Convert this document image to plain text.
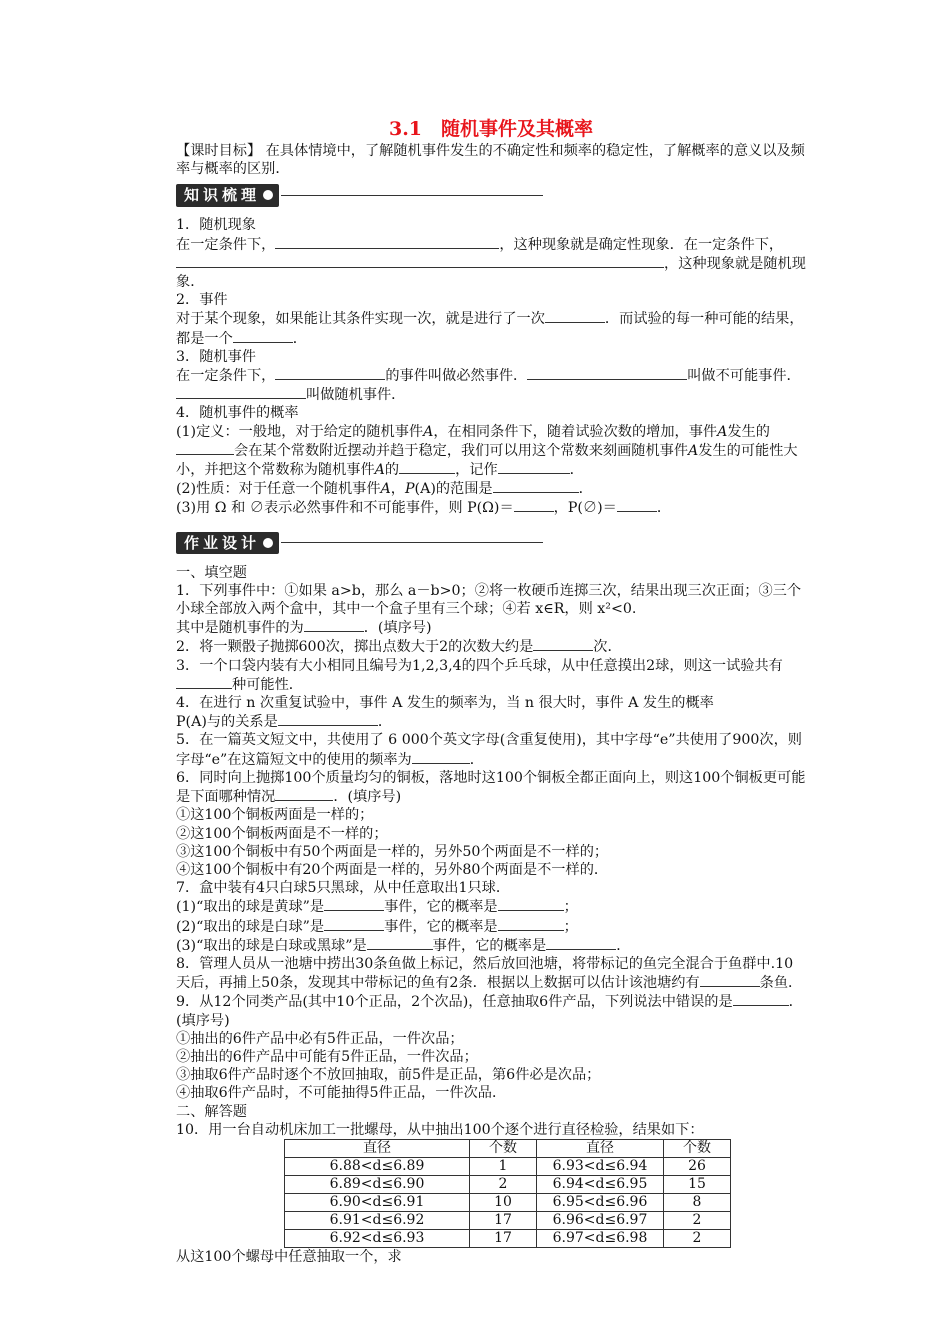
3.1　随机事件及其概率

【课时目标】 在具体情境中，了解随机事件发生的不确定性和频率的稳定性，了解概率的意义以及频率与概率的区别．

知识梳理

1．随机现象

在一定条件下，	，这种现象就是确定性现象．在一定条件下，，这种现象就是随机现象．

2．事件

对于某个现象，如果能让其条件实现一次，就是进行了一次	．而试验的每一种可能的结果，都是一个	．

3．随机事件

在一定条件下，	的事件叫做必然事件．	叫做不可能事件．叫做随机事件．

4．随机事件的概率

(1)定义：一般地，对于给定的随机事件A，在相同条件下，随着试验次数的增加，事件A发生的会在某个常数附近摆动并趋于稳定，我们可以用这个常数来刻画随机事件A发生的可能性大小，并把这个常数称为随机事件A的	，记作	．

(2)性质：对于任意一个随机事件A，P(A)的范围是	．

(3)用 Ω 和 ∅表示必然事件和不可能事件，则 P(Ω)＝	，P(∅)＝	．

作业设计

一、填空题

1．下列事件中：①如果 a>b，那么 a－b>0；②将一枚硬币连掷三次，结果出现三次正面；③三个小球全部放入两个盒中，其中一个盒子里有三个球；④若 x∈R，则 x²<0.

其中是随机事件的为	．(填序号)

2．将一颗骰子抛掷600次，掷出点数大于2的次数大约是	次．

3．一个口袋内装有大小相同且编号为1,2,3,4的四个乒乓球，从中任意摸出2球，则这一试验共有种可能性．

4．在进行 n 次重复试验中，事件 A 发生的频率为，当 n 很大时，事件 A 发生的概率

P(A)与的关系是	．

5．在一篇英文短文中，共使用了 6 000个英文字母(含重复使用)，其中字母“e”共使用了900次，则字母“e”在这篇短文中的使用的频率为	．

6．同时向上抛掷100个质量均匀的铜板，落地时这100个铜板全都正面向上，则这100个铜板更可能是下面哪种情况	．(填序号)

①这100个铜板两面是一样的；

②这100个铜板两面是不一样的；

③这100个铜板中有50个两面是一样的，另外50个两面是不一样的；

④这100个铜板中有20个两面是一样的，另外80个两面是不一样的．

7．盒中装有4只白球5只黑球，从中任意取出1只球．

(1)“取出的球是黄球”是	事件，它的概率是	；

(2)“取出的球是白球”是	事件，它的概率是	；

(3)“取出的球是白球或黑球”是	事件，它的概率是	．

8．管理人员从一池塘中捞出30条鱼做上标记，然后放回池塘，将带标记的鱼完全混合于鱼群中.10天后，再捕上50条，发现其中带标记的鱼有2条．根据以上数据可以估计该池塘约有	条鱼．

9．从12个同类产品(其中10个正品，2个次品)，任意抽取6件产品，下列说法中错误的是	．(填序号)

①抽出的6件产品中必有5件正品，一件次品；

②抽出的6件产品中可能有5件正品，一件次品；

③抽取6件产品时逐个不放回抽取，前5件是正品，第6件必是次品；

④抽取6件产品时，不可能抽得5件正品，一件次品．

二、解答题

10．用一台自动机床加工一批螺母，从中抽出100个逐个进行直径检验，结果如下：

直径	个数	直径	个数
6.88<d≤6.89	1	6.93<d≤6.94	26
6.89<d≤6.90	2	6.94<d≤6.95	15
6.90<d≤6.91	10	6.95<d≤6.96	8
6.91<d≤6.92	17	6.96<d≤6.97	2
6.92<d≤6.93	17	6.97<d≤6.98	2

从这100个螺母中任意抽取一个，求
